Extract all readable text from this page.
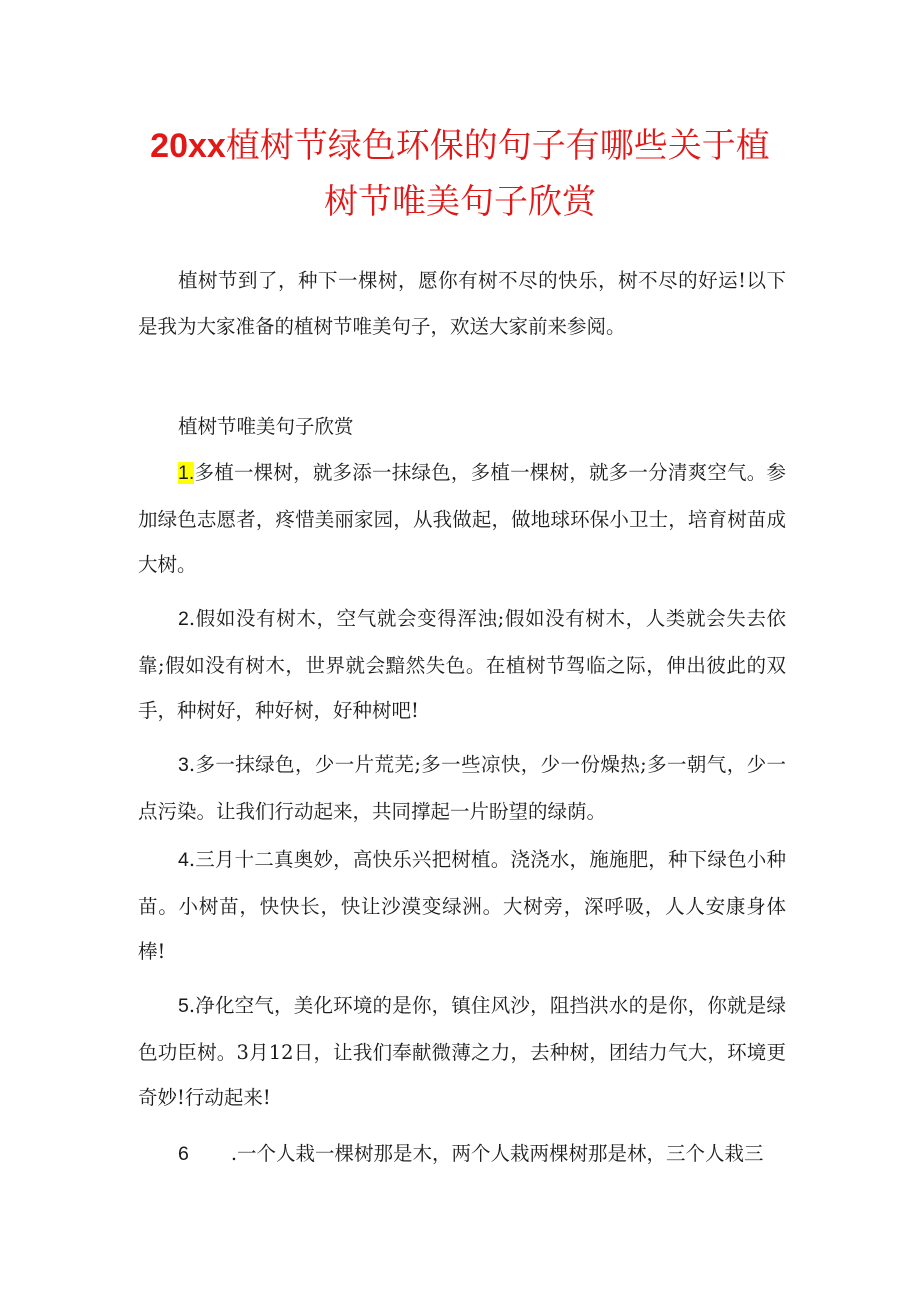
20xx植树节绿色环保的句子有哪些关于植
树节唯美句子欣赏

植树节到了，种下一棵树，愿你有树不尽的快乐，树不尽的好运!以下是我为大家准备的植树节唯美句子，欢送大家前来参阅。

植树节唯美句子欣赏

1.多植一棵树，就多添一抹绿色，多植一棵树，就多一分清爽空气。参加绿色志愿者，疼惜美丽家园，从我做起，做地球环保小卫士，培育树苗成大树。

2.假如没有树木，空气就会变得浑浊;假如没有树木，人类就会失去依靠;假如没有树木，世界就会黯然失色。在植树节驾临之际，伸出彼此的双手，种树好，种好树，好种树吧!

3.多一抹绿色，少一片荒芜;多一些凉快，少一份燥热;多一朝气，少一点污染。让我们行动起来，共同撑起一片盼望的绿荫。

4.三月十二真奥妙，高快乐兴把树植。浇浇水，施施肥，种下绿色小种苗。小树苗，快快长，快让沙漠变绿洲。大树旁，深呼吸，人人安康身体棒!

5.净化空气，美化环境的是你，镇住风沙，阻挡洪水的是你，你就是绿色功臣树。3月12日，让我们奉献微薄之力，去种树，团结力气大，环境更奇妙!行动起来!

6 .一个人栽一棵树那是木，两个人栽两棵树那是林，三个人栽三
